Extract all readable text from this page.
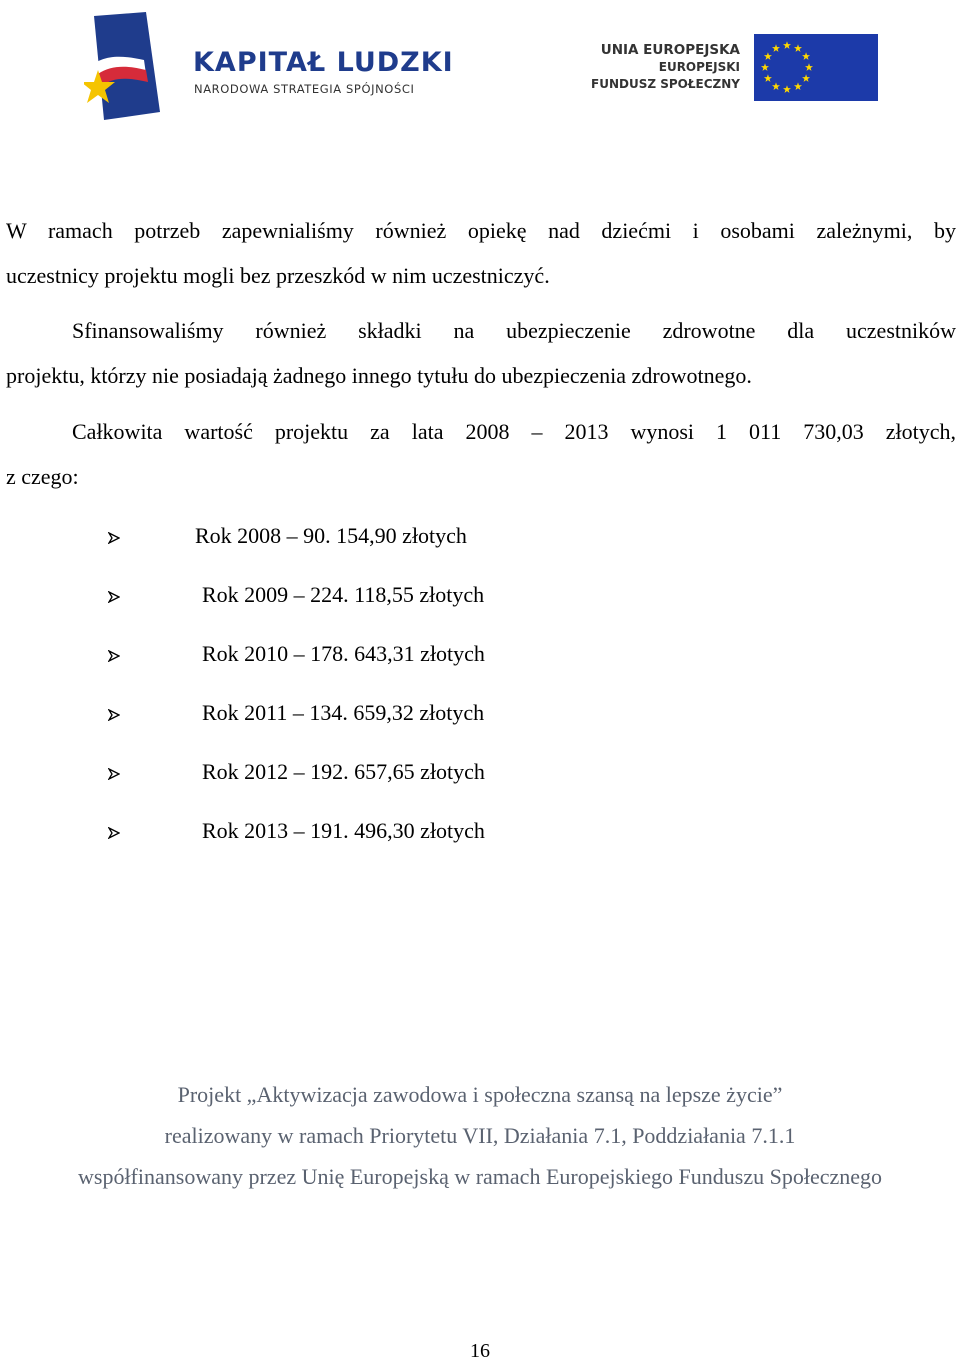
KAPITAŁ LUDZKI
NARODOWA STRATEGIA SPÓJNOŚCI
UNIA EUROPEJSKA
EUROPEJSKI
FUNDUSZ SPOŁECZNY
W ramach potrzeb zapewnialiśmy również opiekę nad dziećmi i osobami zależnymi, by
uczestnicy projektu mogli bez przeszkód w nim uczestniczyć.
Sfinansowaliśmy również składki na ubezpieczenie zdrowotne dla uczestników
projektu, którzy nie posiadają żadnego innego tytułu do ubezpieczenia zdrowotnego.
Całkowita wartość projektu za lata 2008 – 2013 wynosi 1 011 730,03 złotych,
z czego:
Rok 2008 – 90. 154,90 złotych
Rok 2009 – 224. 118,55 złotych
Rok 2010 – 178. 643,31 złotych
Rok 2011 – 134. 659,32 złotych
Rok 2012 – 192. 657,65 złotych
Rok 2013 – 191. 496,30 złotych
Projekt „Aktywizacja zawodowa i społeczna szansą na lepsze życie”
realizowany w ramach Priorytetu VII, Działania 7.1, Poddziałania 7.1.1
współfinansowany przez Unię Europejską w ramach Europejskiego Funduszu Społecznego
16
